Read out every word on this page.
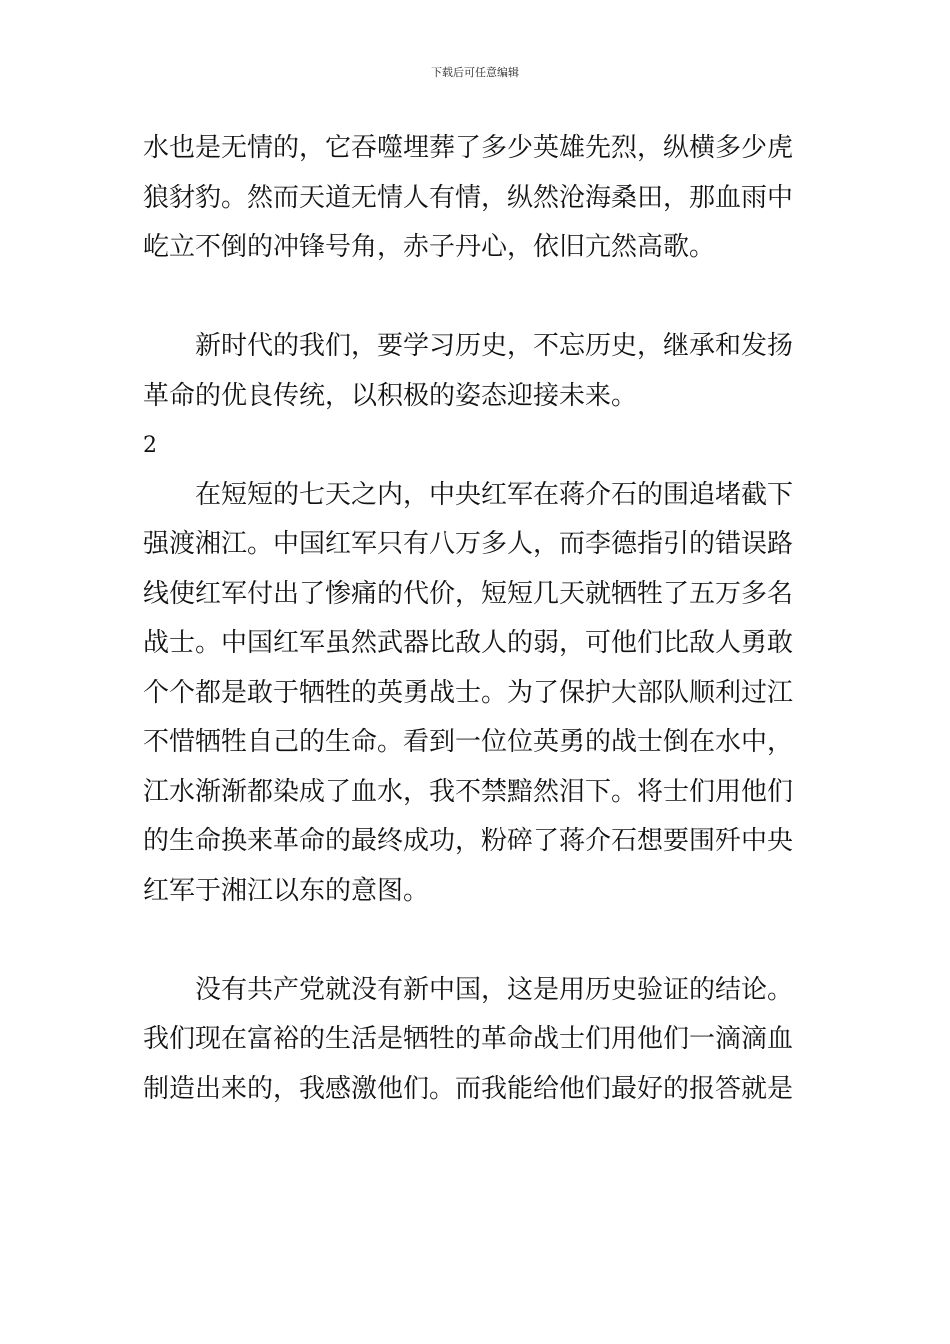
下载后可任意编辑

水也是无情的，它吞噬埋葬了多少英雄先烈，纵横多少虎
狼豺豹。然而天道无情人有情，纵然沧海桑田，那血雨中
屹立不倒的冲锋号角，赤子丹心，依旧亢然高歌。

新时代的我们，要学习历史，不忘历史，继承和发扬
革命的优良传统，以积极的姿态迎接未来。

2

在短短的七天之内，中央红军在蒋介石的围追堵截下
强渡湘江。中国红军只有八万多人，而李德指引的错误路
线使红军付出了惨痛的代价，短短几天就牺牲了五万多名
战士。中国红军虽然武器比敌人的弱，可他们比敌人勇敢
个个都是敢于牺牲的英勇战士。为了保护大部队顺利过江
不惜牺牲自己的生命。看到一位位英勇的战士倒在水中，
江水渐渐都染成了血水，我不禁黯然泪下。将士们用他们
的生命换来革命的最终成功，粉碎了蒋介石想要围歼中央
红军于湘江以东的意图。

没有共产党就没有新中国，这是用历史验证的结论。
我们现在富裕的生活是牺牲的革命战士们用他们一滴滴血
制造出来的，我感激他们。而我能给他们最好的报答就是
